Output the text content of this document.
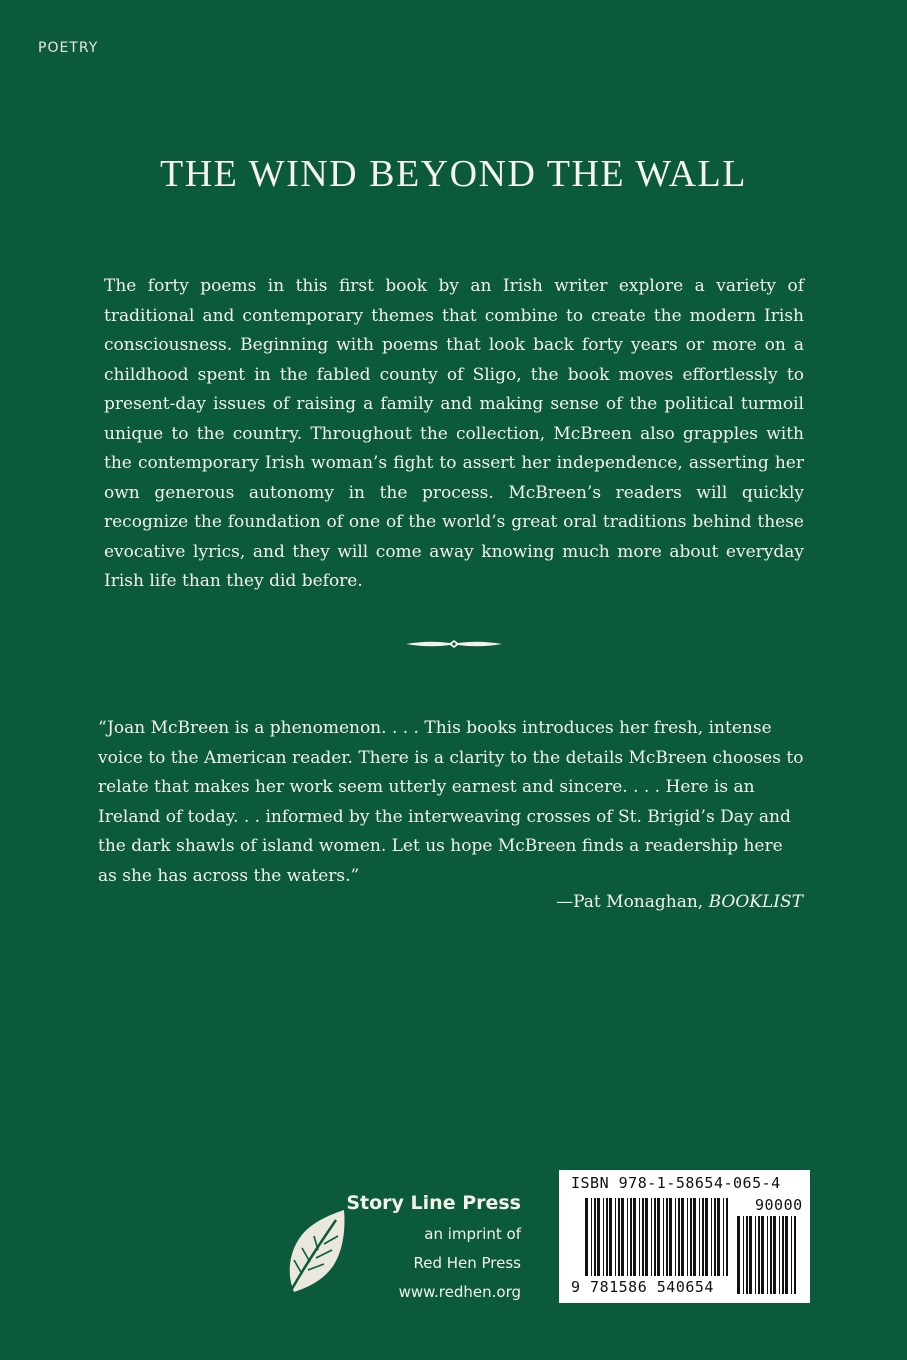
POETRY
THE WIND BEYOND THE WALL

The forty poems in this first book by an Irish writer explore a variety of traditional and contemporary themes that combine to create the modern Irish consciousness. Beginning with poems that look back forty years or more on a childhood spent in the fabled county of Sligo, the book moves effortlessly to present-day issues of raising a family and making sense of the political turmoil unique to the country. Throughout the collection, McBreen also grapples with the contemporary Irish woman’s fight to assert her independence, asserting her own generous autonomy in the process. McBreen’s readers will quickly recognize the foundation of one of the world’s great oral traditions behind these evocative lyrics, and they will come away knowing much more about everyday Irish life than they did before.

“Joan McBreen is a phenomenon. . . . This books introduces her fresh, intense voice to the American reader. There is a clarity to the details McBreen chooses to relate that makes her work seem utterly earnest and sincere. . . . Here is an Ireland of today. . . informed by the interweaving crosses of St. Brigid’s Day and the dark shawls of island women. Let us hope McBreen finds a readership here as she has across the waters.”

—Pat Monaghan, BOOKLIST
Story Line Press
an imprint of
Red Hen Press
www.redhen.org
ISBN 978-1-58654-065-4
9 781586 540654
90000
